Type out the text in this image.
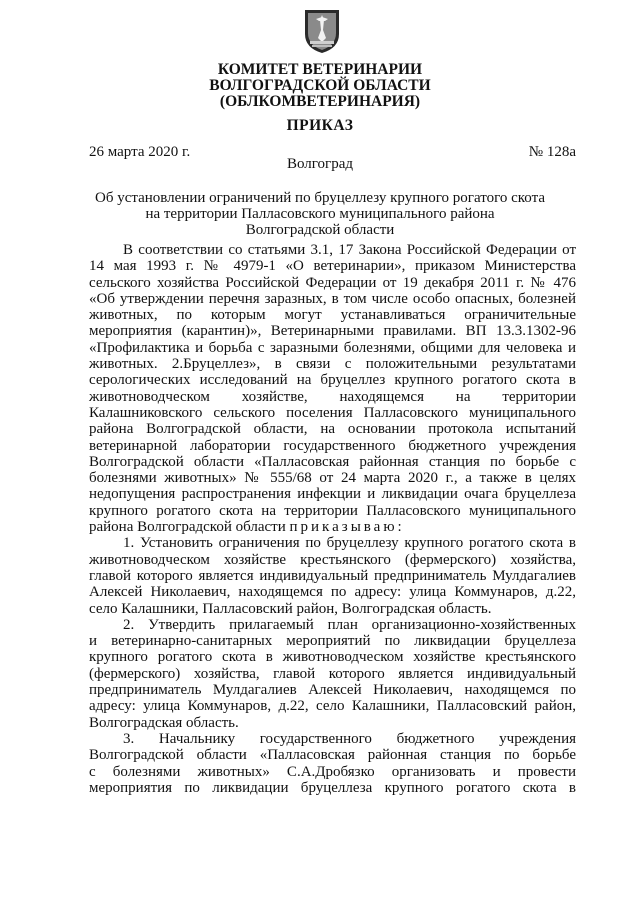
КОМИТЕТ ВЕТЕРИНАРИИ
ВОЛГОГРАДСКОЙ ОБЛАСТИ
(ОБЛКОМВЕТЕРИНАРИЯ)
ПРИКАЗ
26 марта 2020 г.	№ 128а
Волгоград
Об установлении ограничений по бруцеллезу крупного рогатого скота
на территории Палласовского муниципального района
Волгоградской области
В соответствии со статьями 3.1, 17 Закона Российской Федерации от
14 мая 1993 г. № 4979-1 «О ветеринарии», приказом Министерства
сельского хозяйства Российской Федерации от 19 декабря 2011 г. № 476
«Об утверждении перечня заразных, в том числе особо опасных, болезней
животных, по которым могут устанавливаться ограничительные
мероприятия (карантин)», Ветеринарными правилами. ВП 13.3.1302-96
«Профилактика и борьба с заразными болезнями, общими для человека и
животных. 2.Бруцеллез», в связи с положительными результатами
серологических исследований на бруцеллез крупного рогатого скота в
животноводческом хозяйстве, находящемся на территории
Калашниковского сельского поселения Палласовского муниципального
района Волгоградской области, на основании протокола испытаний
ветеринарной лаборатории государственного бюджетного учреждения
Волгоградской области «Палласовская районная станция по борьбе с
болезнями животных» № 555/68 от 24 марта 2020 г., а также в целях
недопущения распространения инфекции и ликвидации очага бруцеллеза
крупного рогатого скота на территории Палласовского муниципального
района Волгоградской области приказываю:
1. Установить ограничения по бруцеллезу крупного рогатого скота в
животноводческом хозяйстве крестьянского (фермерского) хозяйства,
главой которого является индивидуальный предприниматель Мулдагалиев
Алексей Николаевич, находящемся по адресу: улица Коммунаров, д.22,
село Калашники, Палласовский район, Волгоградская область.
2. Утвердить прилагаемый план организационно-хозяйственных
и ветеринарно-санитарных мероприятий по ликвидации бруцеллеза
крупного рогатого скота в животноводческом хозяйстве крестьянского
(фермерского) хозяйства, главой которого является индивидуальный
предприниматель Мулдагалиев Алексей Николаевич, находящемся по
адресу: улица Коммунаров, д.22, село Калашники, Палласовский район,
Волгоградская область.
3. Начальнику государственного бюджетного учреждения
Волгоградской области «Палласовская районная станция по борьбе
с болезнями животных» С.А.Дробязко организовать и провести
мероприятия по ликвидации бруцеллеза крупного рогатого скота в
